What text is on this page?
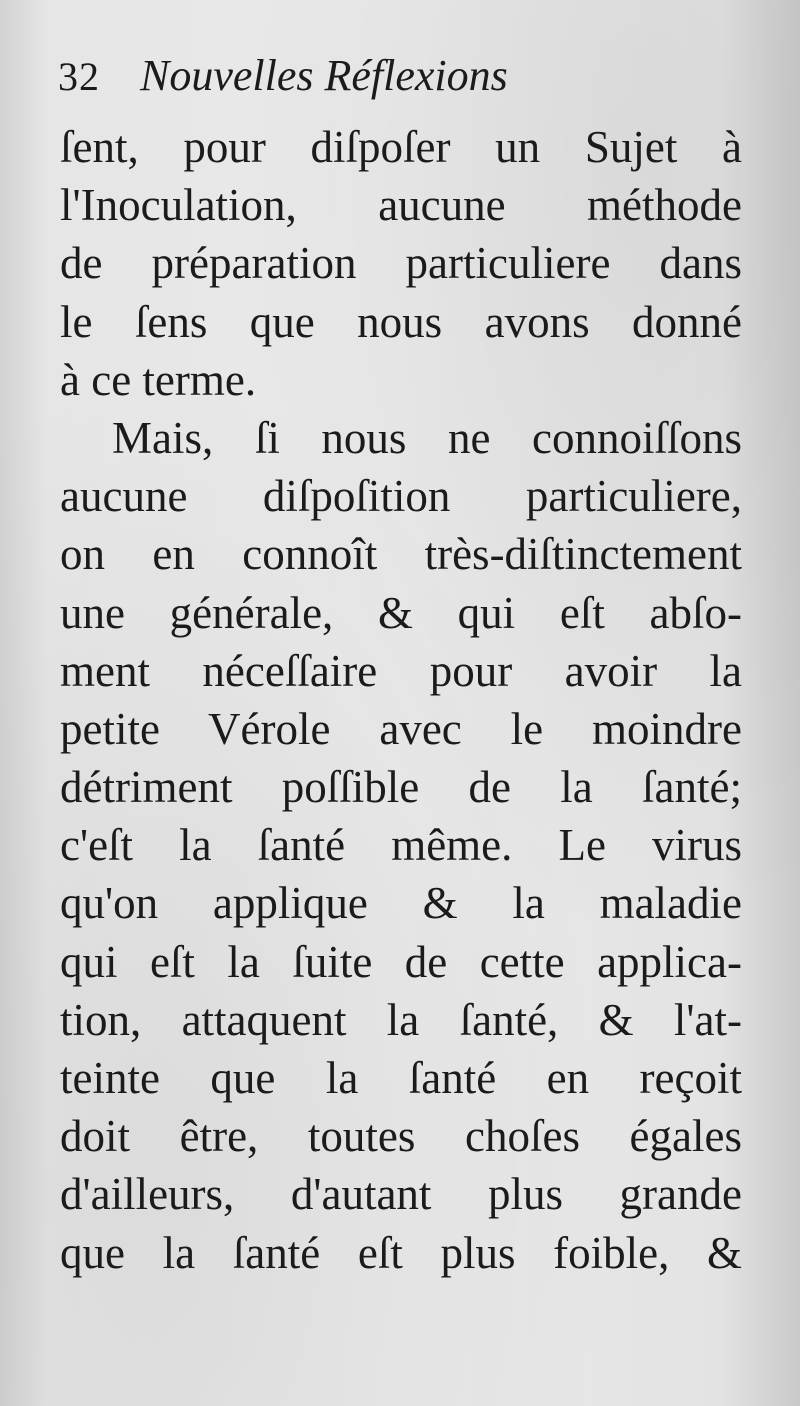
32 Nouvelles Réflexions
ſent, pour diſpoſer un Sujet à
l'Inoculation, aucune méthode
de préparation particuliere dans
le ſens que nous avons donné
à ce terme.
Mais, ſi nous ne connoiſſons
aucune diſpoſition particuliere,
on en connoît très-diſtinctement
une générale, & qui eſt abſo-
ment néceſſaire pour avoir la
petite Vérole avec le moindre
détriment poſſible de la ſanté;
c'eſt la ſanté même. Le virus
qu'on applique & la maladie
qui eſt la ſuite de cette applica-
tion, attaquent la ſanté, & l'at-
teinte que la ſanté en reçoit
doit être, toutes choſes égales
d'ailleurs, d'autant plus grande
que la ſanté eſt plus foible, &
